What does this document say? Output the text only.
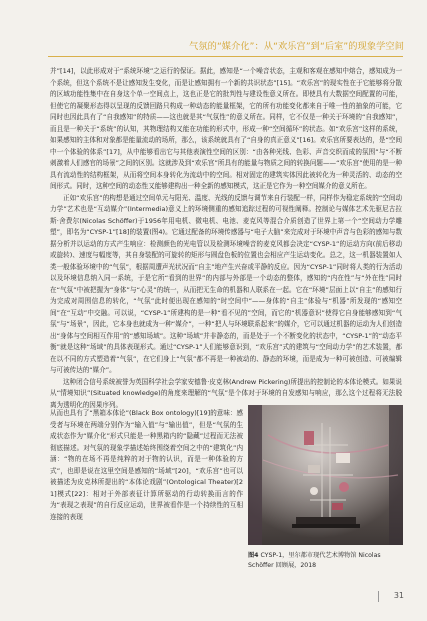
气氛的“媒介化”：从“欢乐宫”到“后室”的现象学空间

并”[14]，以此形成对于“系统环境”之运行的保证。据此，感知是“一个噪音状态，主观和客观在感知中熔合，感知成为一个系统，但这个系统不是让感知发生变化，而是让感知拥有一个新的共识状态”[15]。“欢乐宫”的现实性在于它能够将分散的区域功能性集中在自身这个单一空间点上，这也正是它的批判性与建设性意义所在。即使具有大数据空间配置的可能，但使它的凝聚形态得以呈现的反馈回路只构成一种动态的能量框架，它的所有功能变化都来自于唯一性的抽象的可能，它同时也因此具有了“自我感知”的特质——这也就是其“气氛性”的意义所在。同样，它不仅是一种关于环境的“自我感知”，而且是一种关于“系统”的认知，其物理结构又能在功能的形式中，形成一种“空间循环”的状态。如“欢乐宫”这样的系统，如果感知的主体和对象都是能量流动的场所，那么，该系统就具有了“自身的真正意义”[16]。欢乐宫所要表达的，是“空间中一个体验的体系”[17]，从中能够看出它与其他表演性空间的区别：“由各种光线、色彩、声音交织而成的氛围”与“不断刺激着人们感官的场景”之间的区别。这就涉及到“欢乐宫”所具有的能量与物质之间的转换问题——“欢乐宫”使用的是一种具有流动性的结构框架，从而将空间本身转化为流动中的空间。相对固定的建筑实体因此被转化为一种灵活的、动态的空间形式。同时，这种空间的动态性又能够建构出一种全新的感知模式，这正是它作为一种空间媒介的意义所在。

正如“欢乐宫”的构想是通过空间单元与阳光、温度、光线的反馈与调节来自行装配一样，同样作为稳定系统的“空间动力学”艺术也是“互动媒介”(Intermedia)意义上的环境侧重的感知追踪过程的可视性阐释。控制论与媒体艺术先驱尼古拉斯·舍费尔(Nicolas Schöffer)于1956年用电机、微电机、电池、麦克风等混合介质创造了世界上第一个“空间动力学雕塑”，即名为“CYSP-1”[18]的装置(图4)。它通过配备的环境传感器与“电子大脑”来完成对于环境中声音与色彩的感知与数据分析并以运动的方式产生响应：检测颜色的光电管以及检测环境噪音的麦克风都会决定“CYSP-1”的运动方向(前后移动或旋转)、速度与幅度等，其自身装配的可旋转的矩形与圆盘色板的位置也会相应产生运动变化。总之，这一机器装置如人类一般体验环境中的“气氛”，根据周遭声光状况而“自主”地产生兴奋或平静的反应。因为“CYSP-1”同时将人类的行为活动以及环境信息纳入同一系统，于是它所“看到的世界”的内部与外部是一个动态的整体，感知的“内在性”与“外在性”同时在“气氛”中被把握为“身体”与“心灵”的统一，从而把无生命的机器和人联系在一起。它在“环境”层面上以“自主”的感知行为完成对周围信息的转化，“气氛”此时便出现在感知的“时空间中”——身体的“自主”体验与“机器”所发现的“感知空间”在“互动”中交融。可以说，“CYSP-1”所建构的是一种“看不见的”空间，而它的“机器意识”使得它自身能够感知到“气氛”与“场景”，因此，它本身也就成为一种“媒介”，一种“把人与环境联系起来”的媒介，它可以通过机器的运动为人们创造出“身体与空间相互作用”的“感知场域”。这种“场域”并非静态的，而是处于一个不断变化的状态中，“CYSP-1”的“动态平衡”就是这种“场域”的具体表现形式。通过“CYSP-1”人们能够意识到，“欢乐宫”式的建筑与“空间动力学”的艺术装置，都在以不同的方式塑造着“气氛”，在它们身上“气氛”都不再是一种被动的、静态的环境，而是成为一种可被创造、可被编辑与可被传达的“媒介”。

这种闭合信号系统被誉为英国科学社会学家安德鲁·皮克林(Andrew Pickering)所提出的控制论的本体论模式。如果说从“情境知识”(Situated knowledge)的角度来理解的“气氛”是个体对于环境的自发感知与响应，那么这个过程将无法脱离为透明化的因果序列。

从而也具有了“黑箱本体论”(Black Box ontology)[19]的意味：感受者与环境在两端分别作为“输入值”与“输出值”，但是“气氛的生成状态作为“媒介化”形式只能是一种黑箱内的“隐藏”过程而无法被彻底描述。对气氛的现象学描述始终围绕着空间之中的“建筑化”内涵：“物的在场不再是纯粹的对于物的认识，而是一种体验的方式”，也即是说在这里空间是感知的“场域”[20]，“欢乐宫”也可以被描述为皮克林所提出的“本体论戏剧”(Ontological Theater)[21]模式[22]：相对于外部表征计算所驱动的行动转换而言的作为“表现之表现”的自行反应运动，世界被看作是一个持续性的互相连接的表现

图4 CYSP-1，里尔都市现代艺术博物馆 Nicolas Schöffer 回顾展，2018
31
